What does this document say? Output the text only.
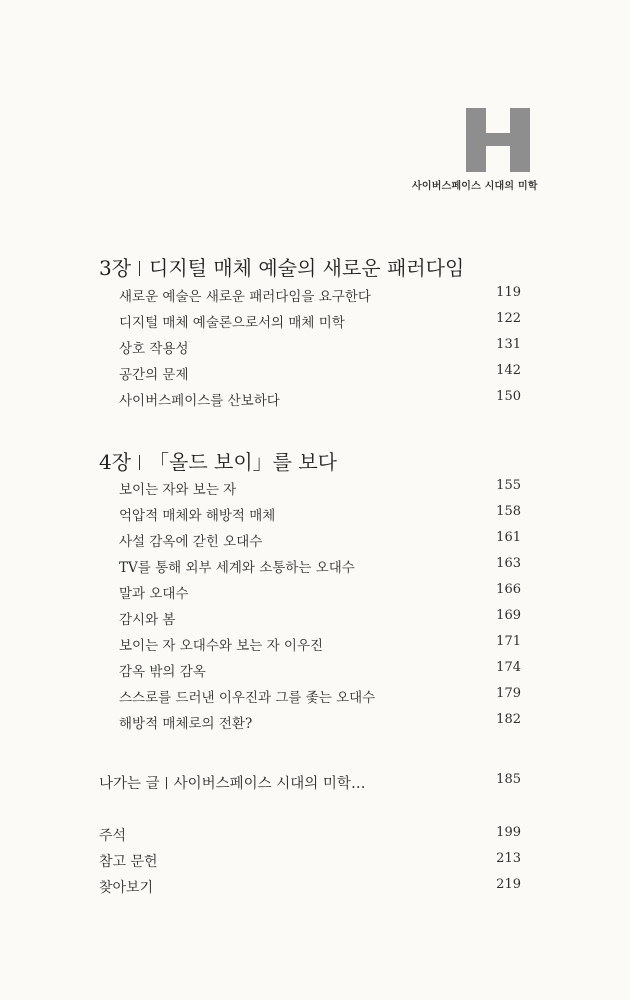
사이버스페이스 시대의 미학
3장 디지털 매체 예술의 새로운 패러다임
새로운 예술은 새로운 패러다임을 요구한다	119
디지털 매체 예술론으로서의 매체 미학	122
상호 작용성	131
공간의 문제	142
사이버스페이스를 산보하다	150
4장 「올드 보이」를 보다
보이는 자와 보는 자	155
억압적 매체와 해방적 매체	158
사설 감옥에 갇힌 오대수	161
TV를 통해 외부 세계와 소통하는 오대수	163
말과 오대수	166
감시와 봄	169
보이는 자 오대수와 보는 자 이우진	171
감옥 밖의 감옥	174
스스로를 드러낸 이우진과 그를 좇는 오대수	179
해방적 매체로의 전환?	182
나가는 글 사이버스페이스 시대의 미학…	185
주석	199
참고 문헌	213
찾아보기	219
